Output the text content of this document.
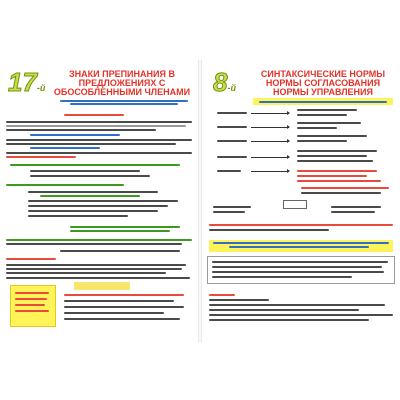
17-й
ЗНАКИ ПРЕПИНАНИЯ В ПРЕДЛОЖЕНИЯХ С ОБОСОБЛЕННЫМИ ЧЛЕНАМИ 8-й
СИНТАКСИЧЕСКИЕ НОРМЫ НОРМЫ СОГЛАСОВАНИЯ НОРМЫ УПРАВЛЕНИЯ
